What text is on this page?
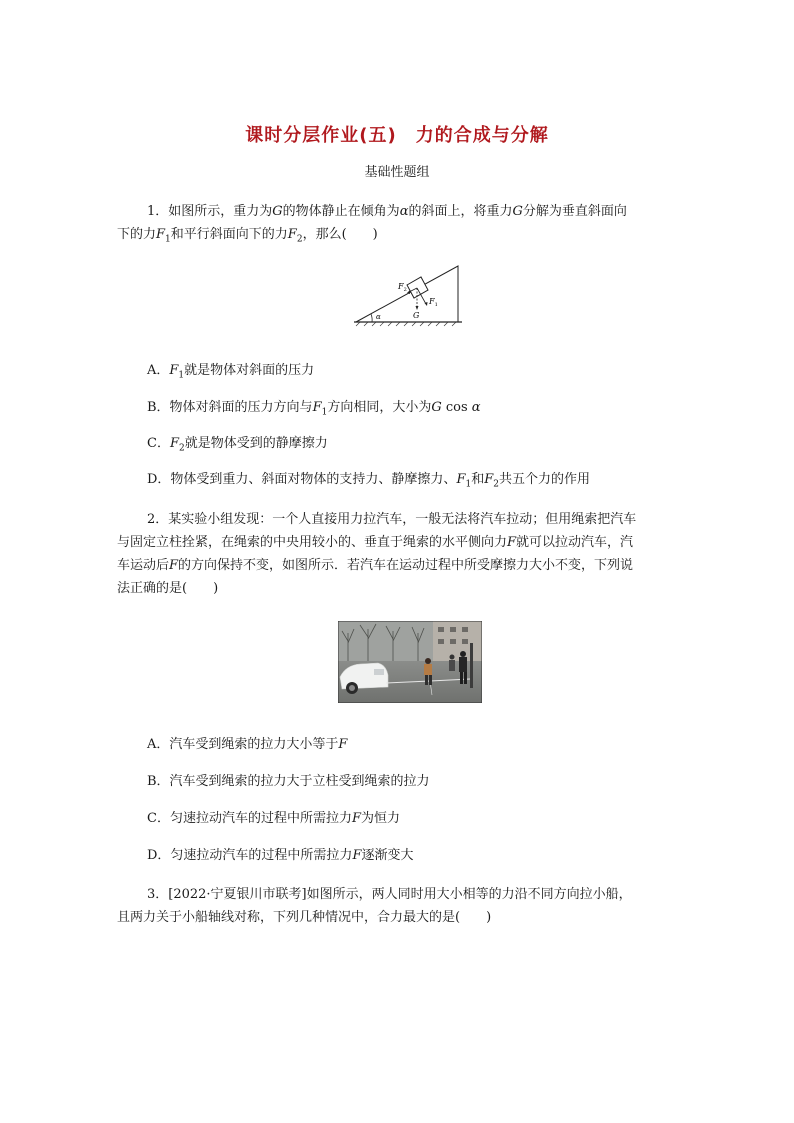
课时分层作业(五)　力的合成与分解
基础性题组
1．如图所示，重力为G的物体静止在倾角为α的斜面上，将重力G分解为垂直斜面向
下的力$F_1$和平行斜面向下的力$F_2$，那么(　　)
$F_2$
$F_1$
G
α
A．$F_1$就是物体对斜面的压力
B．物体对斜面的压力方向与$F_1$方向相同，大小为G cos α
C．$F_2$就是物体受到的静摩擦力
D．物体受到重力、斜面对物体的支持力、静摩擦力、$F_1$和$F_2$共五个力的作用
2．某实验小组发现：一个人直接用力拉汽车，一般无法将汽车拉动；但用绳索把汽车
与固定立柱拴紧，在绳索的中央用较小的、垂直于绳索的水平侧向力F就可以拉动汽车，汽
车运动后F的方向保持不变，如图所示．若汽车在运动过程中所受摩擦力大小不变，下列说
法正确的是(　　)
A．汽车受到绳索的拉力大小等于F
B．汽车受到绳索的拉力大于立柱受到绳索的拉力
C．匀速拉动汽车的过程中所需拉力F为恒力
D．匀速拉动汽车的过程中所需拉力F逐渐变大
3．[2022·宁夏银川市联考]如图所示，两人同时用大小相等的力沿不同方向拉小船，
且两力关于小船轴线对称，下列几种情况中，合力最大的是(　　)
